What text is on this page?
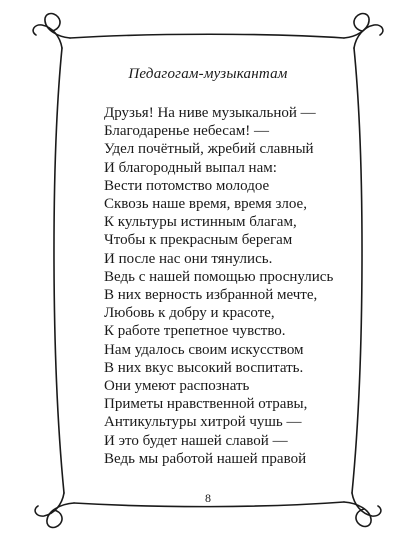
Педагогам-музыкантам
Друзья! На ниве музыкальной —
Благодаренье небесам! —
Удел почётный, жребий славный
И благородный выпал нам:
Вести потомство молодое
Сквозь наше время, время злое,
К культуры истинным благам,
Чтобы к прекрасным берегам
И после нас они тянулись.
Ведь с нашей помощью проснулись
В них верность избранной мечте,
Любовь к добру и красоте,
К работе трепетное чувство.
Нам удалось своим искусством
В них вкус высокий воспитать.
Они умеют распознать
Приметы нравственной отравы,
Антикультуры хитрой чушь —
И это будет нашей славой —
Ведь мы работой нашей правой
8
